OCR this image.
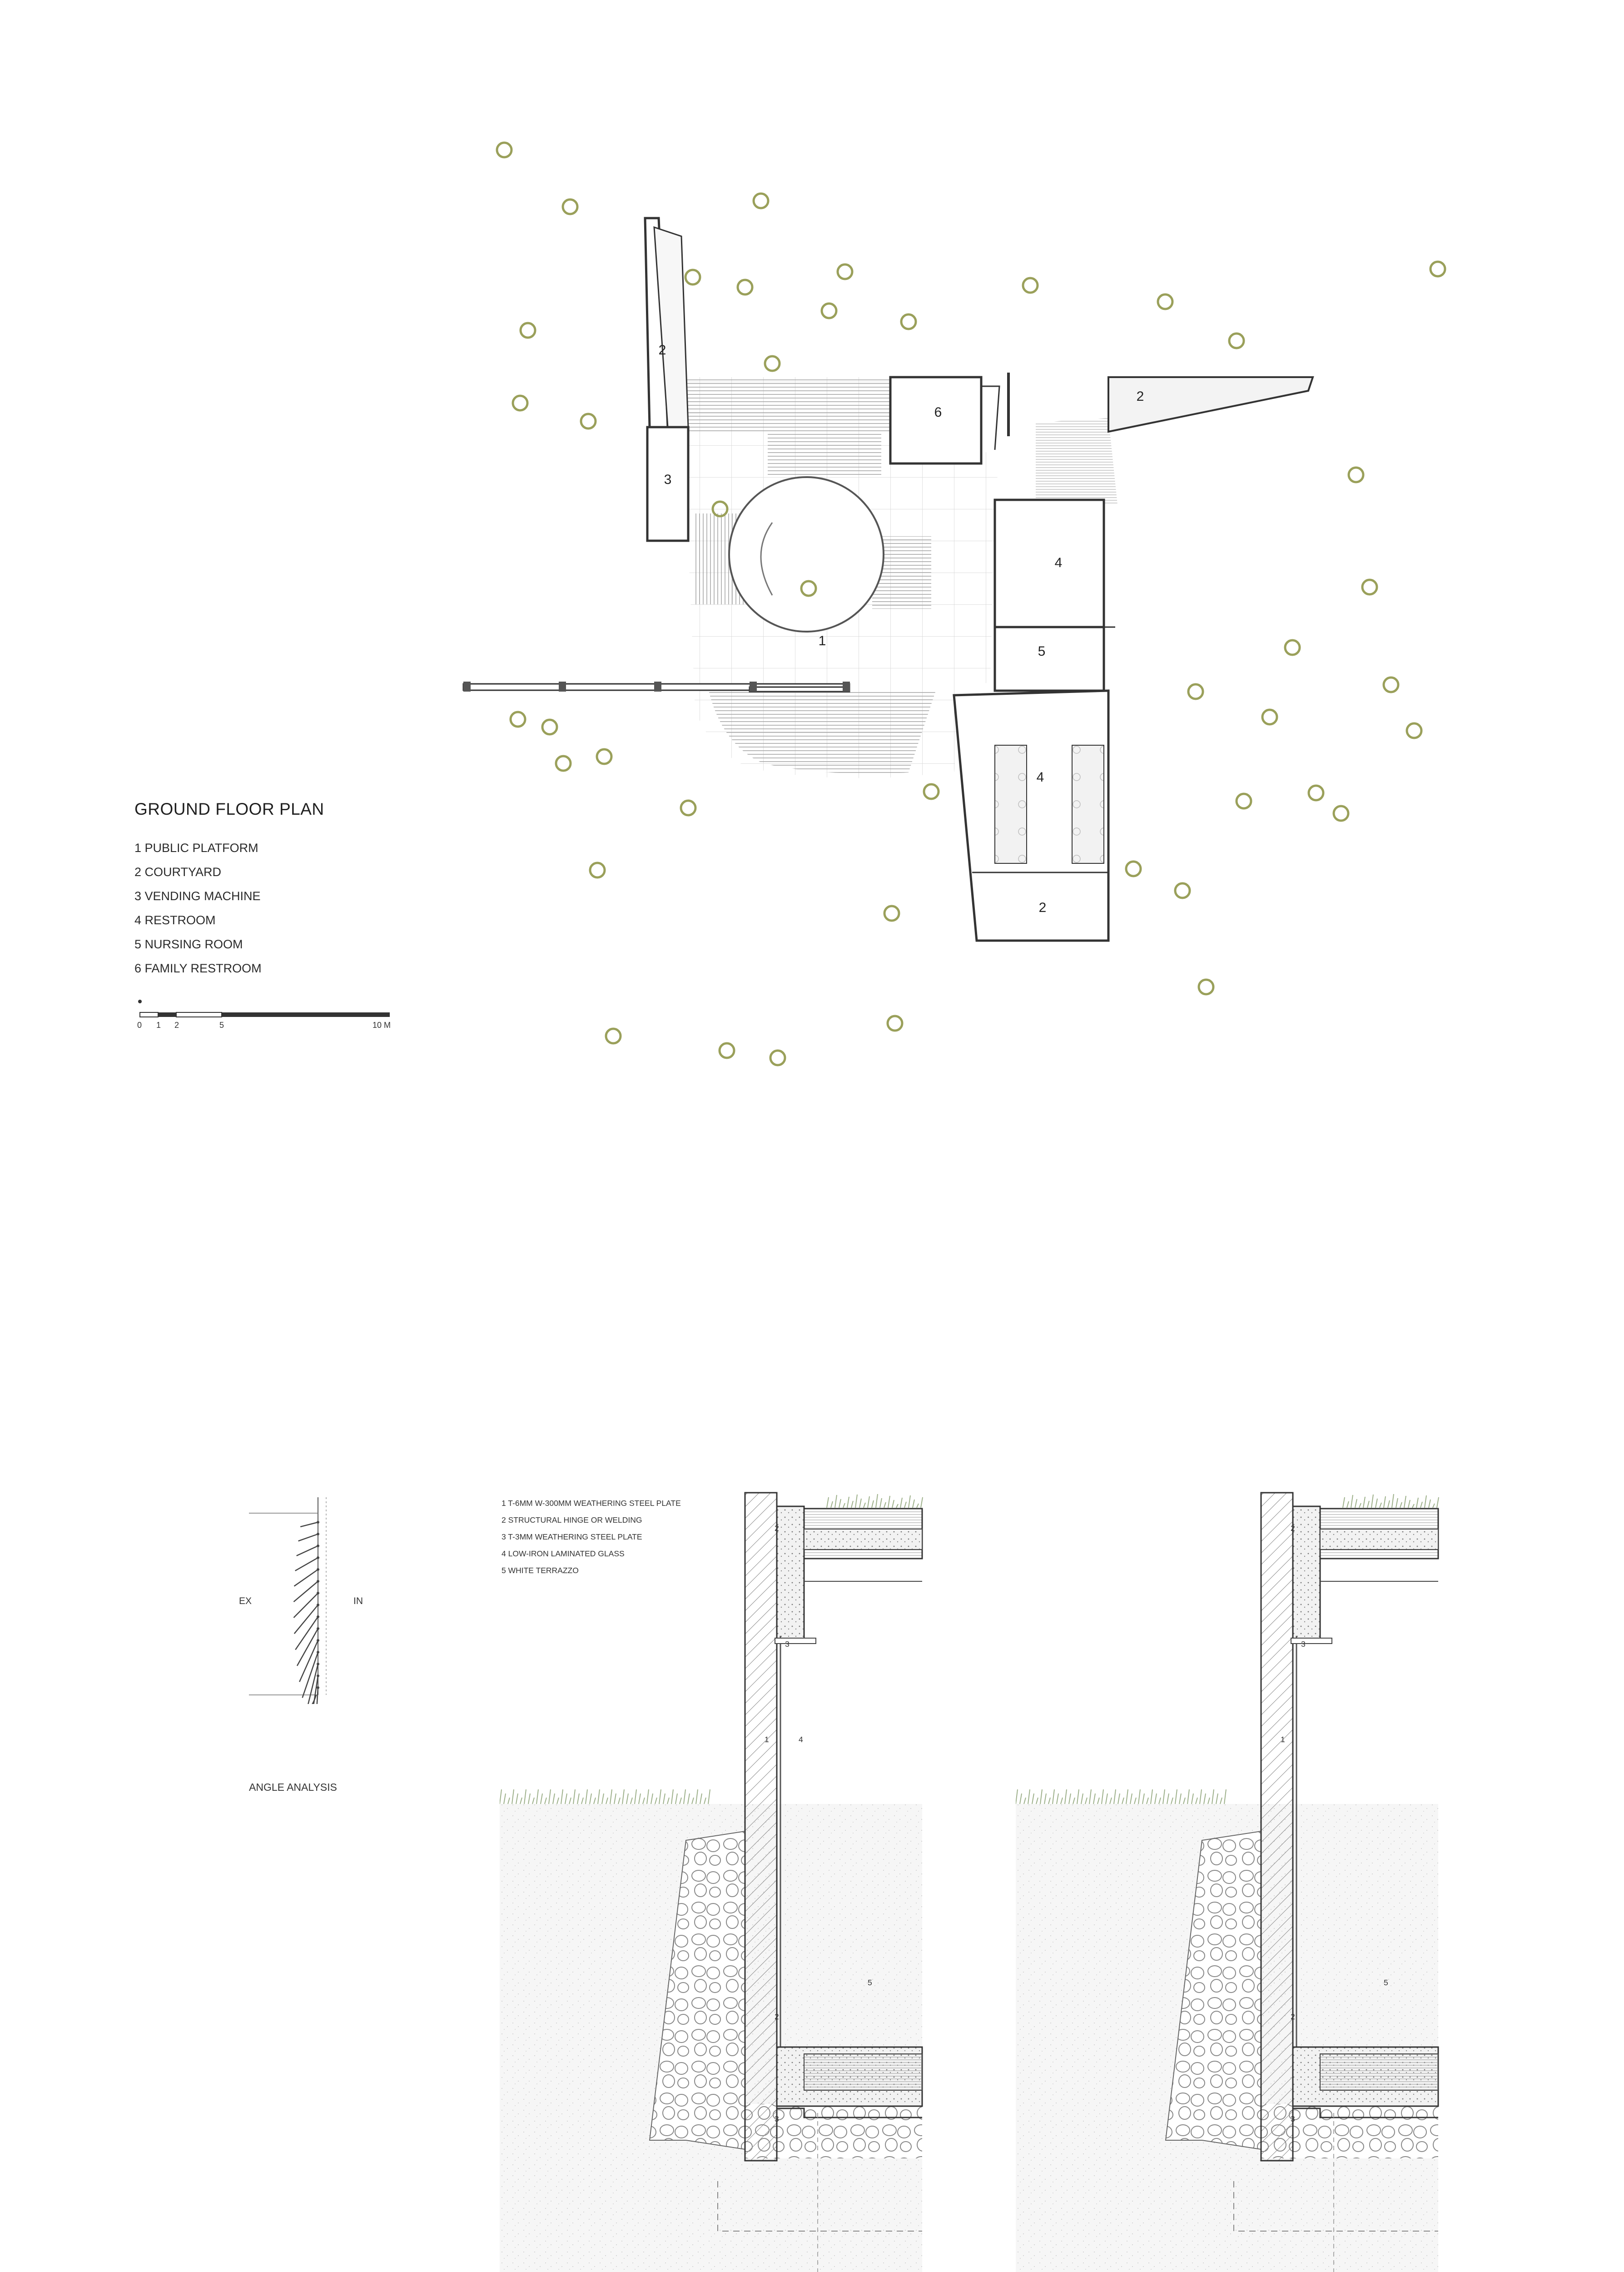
1
2
2
2
3
4
4
5
6
GROUND FLOOR PLAN
1 PUBLIC PLATFORM
2 COURTYARD
3 VENDING MACHINE
4 RESTROOM
5 NURSING ROOM
6 FAMILY RESTROOM
0 1 2	5	10 M
EX	IN
ANGLE ANALYSIS
1 T-6MM W-300MM WEATHERING STEEL PLATE
2 STRUCTURAL HINGE OR WELDING
3 T-3MM WEATHERING STEEL PLATE
4 LOW-IRON LAMINATED GLASS
5 WHITE TERRAZZO
2
3
1	4
5
2
3
2
3
1
5
2
3
